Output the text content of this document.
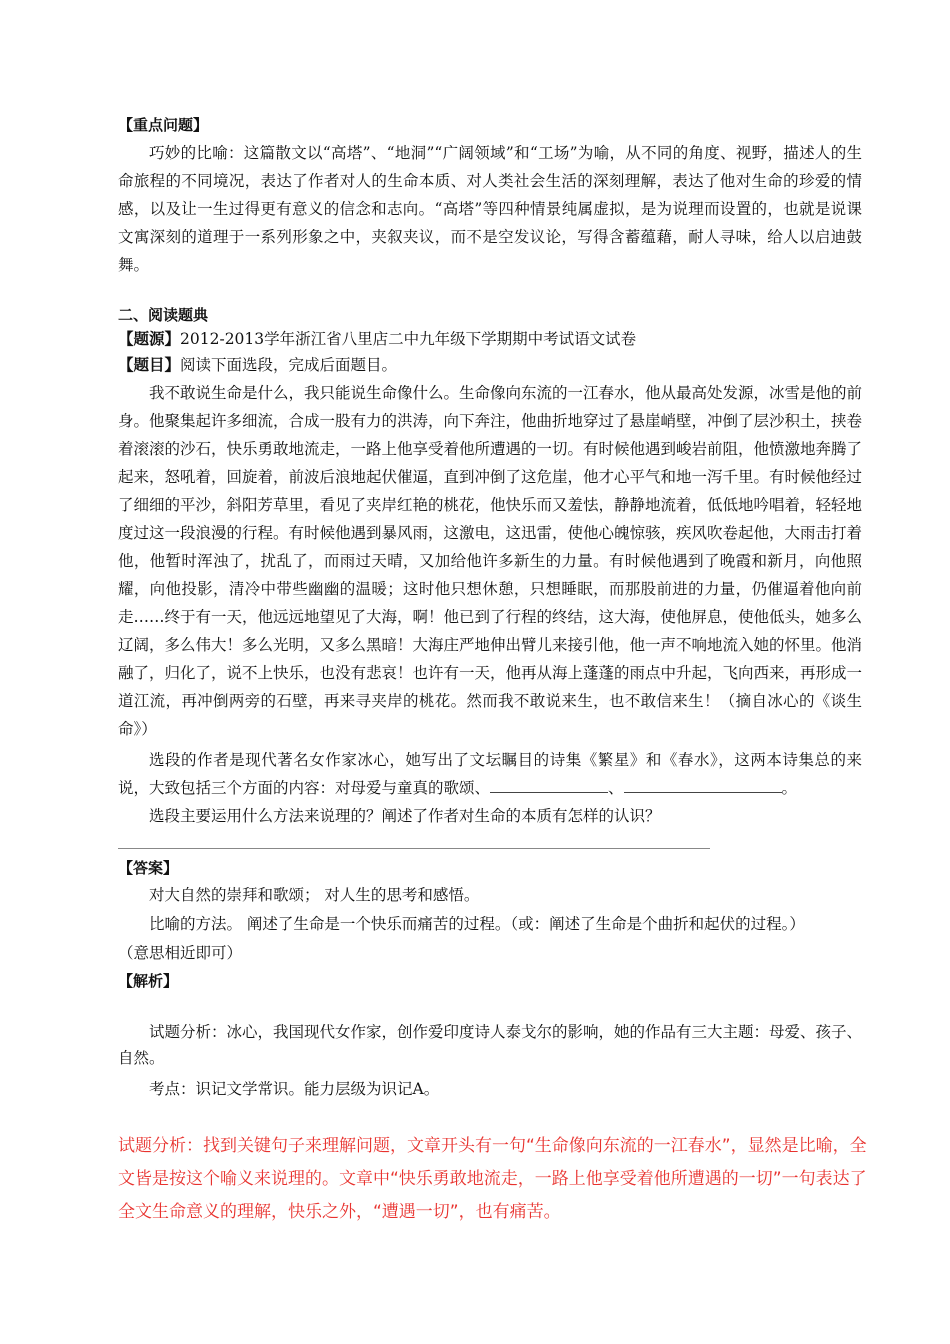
【重点问题】
巧妙的比喻：这篇散文以“高塔”、“地洞”“广阔领域”和“工场”为喻，从不同的角度、视野，描述人的生命旅程的不同境况，表达了作者对人的生命本质、对人类社会生活的深刻理解，表达了他对生命的珍爱的情感，以及让一生过得更有意义的信念和志向。“高塔”等四种情景纯属虚拟，是为说理而设置的，也就是说课文寓深刻的道理于一系列形象之中，夹叙夹议，而不是空发议论，写得含蓄蕴藉，耐人寻味，给人以启迪鼓舞。
二、阅读题典
【题源】2012-2013学年浙江省八里店二中九年级下学期期中考试语文试卷
【题目】阅读下面选段，完成后面题目。
我不敢说生命是什么，我只能说生命像什么。生命像向东流的一江春水，他从最高处发源，冰雪是他的前身。他聚集起许多细流，合成一股有力的洪涛，向下奔注，他曲折地穿过了悬崖峭壁，冲倒了层沙积土，挟卷着滚滚的沙石，快乐勇敢地流走，一路上他享受着他所遭遇的一切。有时候他遇到峻岩前阻，他愤激地奔腾了起来，怒吼着，回旋着，前波后浪地起伏催逼，直到冲倒了这危崖，他才心平气和地一泻千里。有时候他经过了细细的平沙，斜阳芳草里，看见了夹岸红艳的桃花，他快乐而又羞怯，静静地流着，低低地吟唱着，轻轻地度过这一段浪漫的行程。有时候他遇到暴风雨，这激电，这迅雷，使他心魄惊骇，疾风吹卷起他，大雨击打着他，他暂时浑浊了，扰乱了，而雨过天晴，又加给他许多新生的力量。有时候他遇到了晚霞和新月，向他照耀，向他投影，清冷中带些幽幽的温暖；这时他只想休憩，只想睡眠，而那股前进的力量，仍催逼着他向前走……终于有一天，他远远地望见了大海，啊！他已到了行程的终结，这大海，使他屏息，使他低头，她多么辽阔，多么伟大！多么光明，又多么黑暗！大海庄严地伸出臂儿来接引他，他一声不响地流入她的怀里。他消融了，归化了，说不上快乐，也没有悲哀！也许有一天，他再从海上蓬蓬的雨点中升起，飞向西来，再形成一道江流，再冲倒两旁的石壁，再来寻夹岸的桃花。然而我不敢说来生，也不敢信来生！（摘自冰心的《谈生命》）
选段的作者是现代著名女作家冰心，她写出了文坛瞩目的诗集《繁星》和《春水》，这两本诗集总的来说，大致包括三个方面的内容：对母爱与童真的歌颂、	、	。
选段主要运用什么方法来说理的？阐述了作者对生命的本质有怎样的认识？
【答案】
对大自然的崇拜和歌颂； 对人生的思考和感悟。
比喻的方法。 阐述了生命是一个快乐而痛苦的过程。（或：阐述了生命是个曲折和起伏的过程。）
（意思相近即可）
【解析】
试题分析：冰心，我国现代女作家，创作爱印度诗人泰戈尔的影响，她的作品有三大主题：母爱、孩子、自然。
考点：识记文学常识。能力层级为识记A。
试题分析：找到关键句子来理解问题，文章开头有一句“生命像向东流的一江春水”，显然是比喻，全文皆是按这个喻义来说理的。文章中“快乐勇敢地流走，一路上他享受着他所遭遇的一切”一句表达了全文生命意义的理解，快乐之外，“遭遇一切”，也有痛苦。
